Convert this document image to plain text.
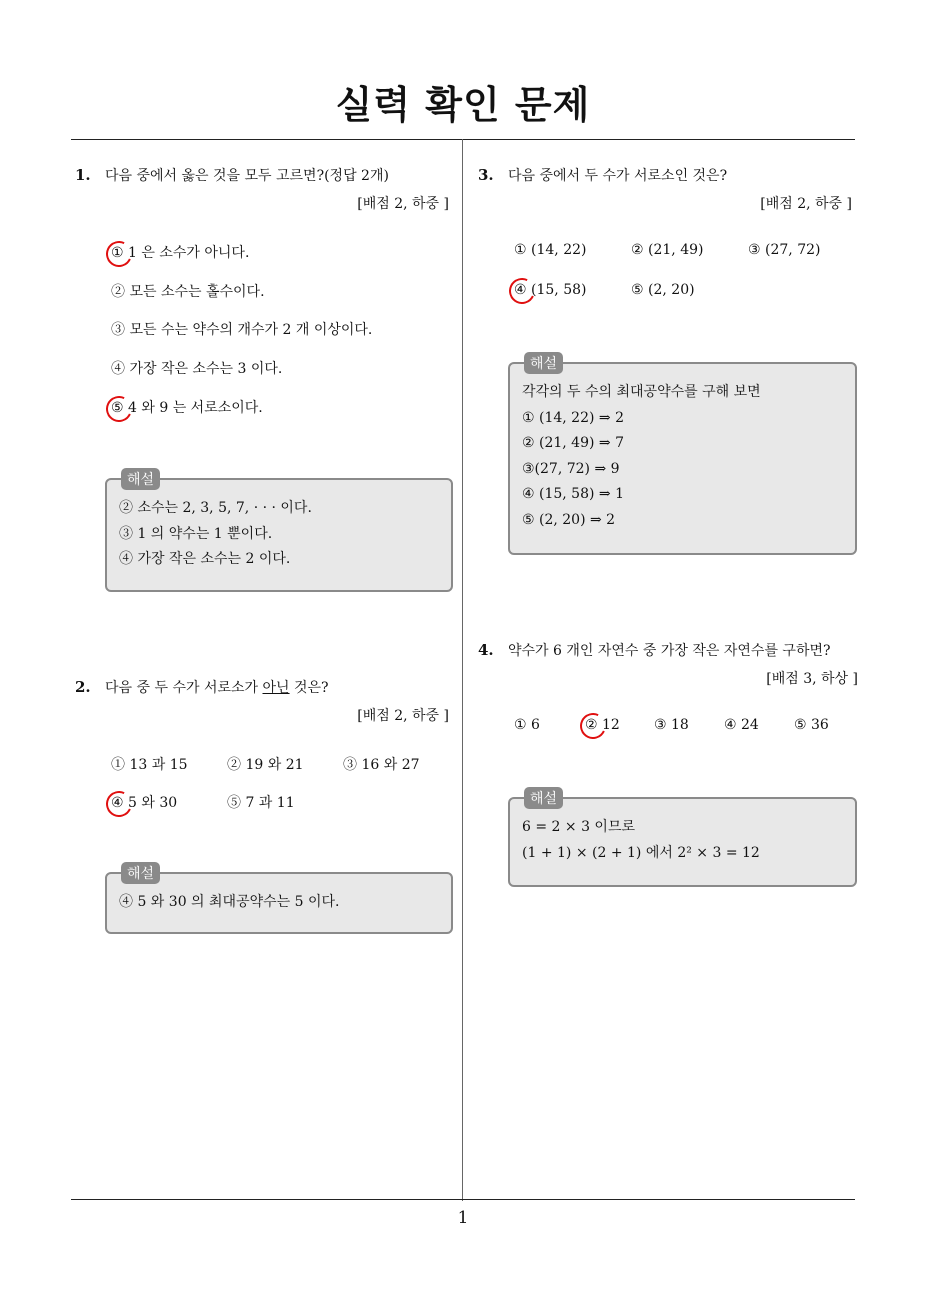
실력 확인 문제
1
1.	다음 중에서 옳은 것을 모두 고르면?(정답 2개)
[배점 2, 하중 ]
① 1 은 소수가 아니다.
② 모든 소수는 홀수이다.
③ 모든 수는 약수의 개수가 2 개 이상이다.
④ 가장 작은 소수는 3 이다.
⑤ 4 와 9 는 서로소이다.
해설
② 소수는 2, 3, 5, 7, · · · 이다.
③ 1 의 약수는 1 뿐이다.
④ 가장 작은 소수는 2 이다.
2.	다음 중 두 수가 서로소가 아닌 것은?
[배점 2, 하중 ]
① 13 과 15	② 19 와 21	③ 16 와 27
④ 5 와 30	⑤ 7 과 11
해설
④ 5 와 30 의 최대공약수는 5 이다.
3.	다음 중에서 두 수가 서로소인 것은?
[배점 2, 하중 ]
① (14, 22)	② (21, 49)	③ (27, 72)
④ (15, 58)	⑤ (2, 20)
해설
각각의 두 수의 최대공약수를 구해 보면
① (14, 22) ⇒ 2
② (21, 49) ⇒ 7
③(27, 72) ⇒ 9
④ (15, 58) ⇒ 1
⑤ (2, 20) ⇒ 2
4.	약수가 6 개인 자연수 중 가장 작은 자연수를 구하면?
[배점 3, 하상 ]
① 6	② 12 ③ 18	④ 24	⑤ 36
해설
6 = 2 × 3 이므로
(1 + 1) × (2 + 1) 에서 2² × 3 = 12
